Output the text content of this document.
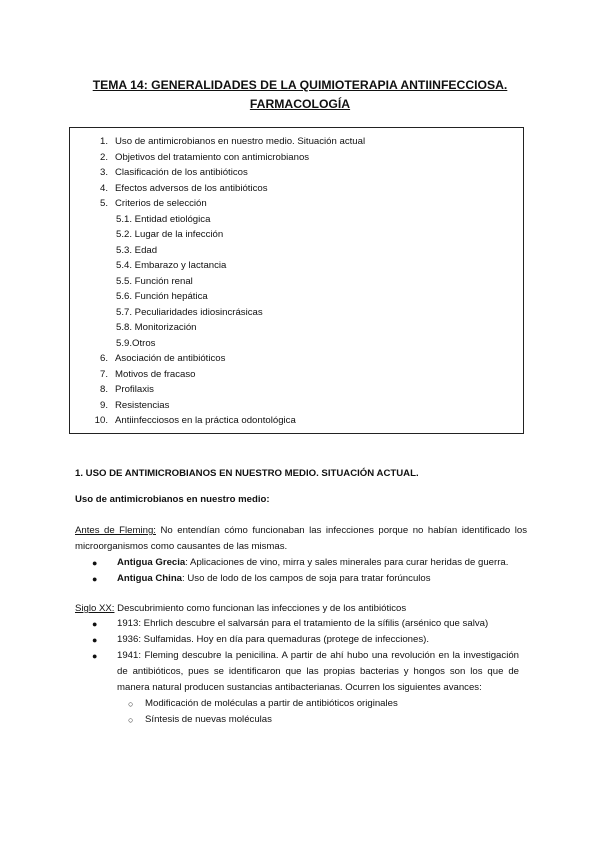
TEMA 14: GENERALIDADES DE LA QUIMIOTERAPIA ANTIINFECCIOSA.
FARMACOLOGÍA
1. Uso de antimicrobianos en nuestro medio. Situación actual
2. Objetivos del tratamiento con antimicrobianos
3. Clasificación de los antibióticos
4. Efectos adversos de los antibióticos
5. Criterios de selección
5.1. Entidad etiológica
5.2. Lugar de la infección
5.3. Edad
5.4. Embarazo y lactancia
5.5. Función renal
5.6. Función hepática
5.7. Peculiaridades idiosincrásicas
5.8. Monitorización
5.9.Otros
6. Asociación de antibióticos
7. Motivos de fracaso
8. Profilaxis
9. Resistencias
10. Antiinfecciosos en la práctica odontológica
1. USO DE ANTIMICROBIANOS EN NUESTRO MEDIO. SITUACIÓN ACTUAL.
Uso de antimicrobianos en nuestro medio:
Antes de Fleming: No entendían cómo funcionaban las infecciones porque no habían identificado los microorganismos como causantes de las mismas.
● Antigua Grecia: Aplicaciones de vino, mirra y sales minerales para curar heridas de guerra.
● Antigua China: Uso de lodo de los campos de soja para tratar forúnculos
Siglo XX: Descubrimiento como funcionan las infecciones y de los antibióticos
● 1913: Ehrlich descubre el salvarsán para el tratamiento de la sífilis (arsénico que salva)
● 1936: Sulfamidas. Hoy en día para quemaduras (protege de infecciones).
● 1941: Fleming descubre la penicilina. A partir de ahí hubo una revolución en la investigación de antibióticos, pues se identificaron que las propias bacterias y hongos son los que de manera natural producen sustancias antibacterianas. Ocurren los siguientes avances:
○ Modificación de moléculas a partir de antibióticos originales
○ Síntesis de nuevas moléculas
